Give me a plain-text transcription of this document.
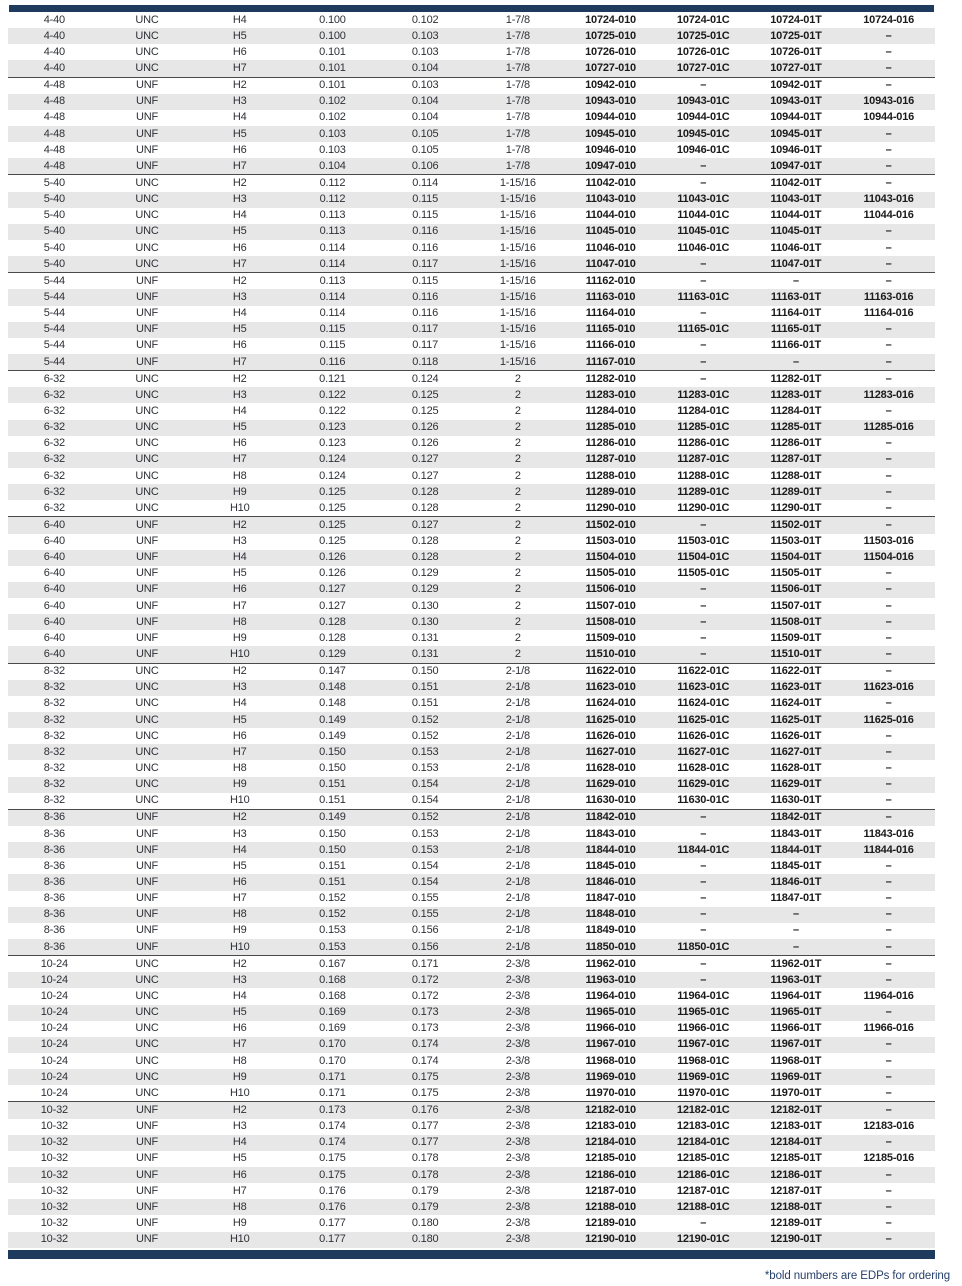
4-40	UNC	H4	0.100	0.102	1-7/8	10724-010	10724-01C	10724-01T	10724-016
4-40	UNC	H5	0.100	0.103	1-7/8	10725-010	10725-01C	10725-01T	–
4-40	UNC	H6	0.101	0.103	1-7/8	10726-010	10726-01C	10726-01T	–
4-40	UNC	H7	0.101	0.104	1-7/8	10727-010	10727-01C	10727-01T	–
4-48	UNF	H2	0.101	0.103	1-7/8	10942-010	–	10942-01T	–
4-48	UNF	H3	0.102	0.104	1-7/8	10943-010	10943-01C	10943-01T	10943-016
4-48	UNF	H4	0.102	0.104	1-7/8	10944-010	10944-01C	10944-01T	10944-016
4-48	UNF	H5	0.103	0.105	1-7/8	10945-010	10945-01C	10945-01T	–
4-48	UNF	H6	0.103	0.105	1-7/8	10946-010	10946-01C	10946-01T	–
4-48	UNF	H7	0.104	0.106	1-7/8	10947-010	–	10947-01T	–
5-40	UNC	H2	0.112	0.114	1-15/16	11042-010	–	11042-01T	–
5-40	UNC	H3	0.112	0.115	1-15/16	11043-010	11043-01C	11043-01T	11043-016
5-40	UNC	H4	0.113	0.115	1-15/16	11044-010	11044-01C	11044-01T	11044-016
5-40	UNC	H5	0.113	0.116	1-15/16	11045-010	11045-01C	11045-01T	–
5-40	UNC	H6	0.114	0.116	1-15/16	11046-010	11046-01C	11046-01T	–
5-40	UNC	H7	0.114	0.117	1-15/16	11047-010	–	11047-01T	–
5-44	UNF	H2	0.113	0.115	1-15/16	11162-010	–	–	–
5-44	UNF	H3	0.114	0.116	1-15/16	11163-010	11163-01C	11163-01T	11163-016
5-44	UNF	H4	0.114	0.116	1-15/16	11164-010	–	11164-01T	11164-016
5-44	UNF	H5	0.115	0.117	1-15/16	11165-010	11165-01C	11165-01T	–
5-44	UNF	H6	0.115	0.117	1-15/16	11166-010	–	11166-01T	–
5-44	UNF	H7	0.116	0.118	1-15/16	11167-010	–	–	–
6-32	UNC	H2	0.121	0.124	2	11282-010	–	11282-01T	–
6-32	UNC	H3	0.122	0.125	2	11283-010	11283-01C	11283-01T	11283-016
6-32	UNC	H4	0.122	0.125	2	11284-010	11284-01C	11284-01T	–
6-32	UNC	H5	0.123	0.126	2	11285-010	11285-01C	11285-01T	11285-016
6-32	UNC	H6	0.123	0.126	2	11286-010	11286-01C	11286-01T	–
6-32	UNC	H7	0.124	0.127	2	11287-010	11287-01C	11287-01T	–
6-32	UNC	H8	0.124	0.127	2	11288-010	11288-01C	11288-01T	–
6-32	UNC	H9	0.125	0.128	2	11289-010	11289-01C	11289-01T	–
6-32	UNC	H10	0.125	0.128	2	11290-010	11290-01C	11290-01T	–
6-40	UNF	H2	0.125	0.127	2	11502-010	–	11502-01T	–
6-40	UNF	H3	0.125	0.128	2	11503-010	11503-01C	11503-01T	11503-016
6-40	UNF	H4	0.126	0.128	2	11504-010	11504-01C	11504-01T	11504-016
6-40	UNF	H5	0.126	0.129	2	11505-010	11505-01C	11505-01T	–
6-40	UNF	H6	0.127	0.129	2	11506-010	–	11506-01T	–
6-40	UNF	H7	0.127	0.130	2	11507-010	–	11507-01T	–
6-40	UNF	H8	0.128	0.130	2	11508-010	–	11508-01T	–
6-40	UNF	H9	0.128	0.131	2	11509-010	–	11509-01T	–
6-40	UNF	H10	0.129	0.131	2	11510-010	–	11510-01T	–
8-32	UNC	H2	0.147	0.150	2-1/8	11622-010	11622-01C	11622-01T	–
8-32	UNC	H3	0.148	0.151	2-1/8	11623-010	11623-01C	11623-01T	11623-016
8-32	UNC	H4	0.148	0.151	2-1/8	11624-010	11624-01C	11624-01T	–
8-32	UNC	H5	0.149	0.152	2-1/8	11625-010	11625-01C	11625-01T	11625-016
8-32	UNC	H6	0.149	0.152	2-1/8	11626-010	11626-01C	11626-01T	–
8-32	UNC	H7	0.150	0.153	2-1/8	11627-010	11627-01C	11627-01T	–
8-32	UNC	H8	0.150	0.153	2-1/8	11628-010	11628-01C	11628-01T	–
8-32	UNC	H9	0.151	0.154	2-1/8	11629-010	11629-01C	11629-01T	–
8-32	UNC	H10	0.151	0.154	2-1/8	11630-010	11630-01C	11630-01T	–
8-36	UNF	H2	0.149	0.152	2-1/8	11842-010	–	11842-01T	–
8-36	UNF	H3	0.150	0.153	2-1/8	11843-010	–	11843-01T	11843-016
8-36	UNF	H4	0.150	0.153	2-1/8	11844-010	11844-01C	11844-01T	11844-016
8-36	UNF	H5	0.151	0.154	2-1/8	11845-010	–	11845-01T	–
8-36	UNF	H6	0.151	0.154	2-1/8	11846-010	–	11846-01T	–
8-36	UNF	H7	0.152	0.155	2-1/8	11847-010	–	11847-01T	–
8-36	UNF	H8	0.152	0.155	2-1/8	11848-010	–	–	–
8-36	UNF	H9	0.153	0.156	2-1/8	11849-010	–	–	–
8-36	UNF	H10	0.153	0.156	2-1/8	11850-010	11850-01C	–	–
10-24	UNC	H2	0.167	0.171	2-3/8	11962-010	–	11962-01T	–
10-24	UNC	H3	0.168	0.172	2-3/8	11963-010	–	11963-01T	–
10-24	UNC	H4	0.168	0.172	2-3/8	11964-010	11964-01C	11964-01T	11964-016
10-24	UNC	H5	0.169	0.173	2-3/8	11965-010	11965-01C	11965-01T	–
10-24	UNC	H6	0.169	0.173	2-3/8	11966-010	11966-01C	11966-01T	11966-016
10-24	UNC	H7	0.170	0.174	2-3/8	11967-010	11967-01C	11967-01T	–
10-24	UNC	H8	0.170	0.174	2-3/8	11968-010	11968-01C	11968-01T	–
10-24	UNC	H9	0.171	0.175	2-3/8	11969-010	11969-01C	11969-01T	–
10-24	UNC	H10	0.171	0.175	2-3/8	11970-010	11970-01C	11970-01T	–
10-32	UNF	H2	0.173	0.176	2-3/8	12182-010	12182-01C	12182-01T	–
10-32	UNF	H3	0.174	0.177	2-3/8	12183-010	12183-01C	12183-01T	12183-016
10-32	UNF	H4	0.174	0.177	2-3/8	12184-010	12184-01C	12184-01T	–
10-32	UNF	H5	0.175	0.178	2-3/8	12185-010	12185-01C	12185-01T	12185-016
10-32	UNF	H6	0.175	0.178	2-3/8	12186-010	12186-01C	12186-01T	–
10-32	UNF	H7	0.176	0.179	2-3/8	12187-010	12187-01C	12187-01T	–
10-32	UNF	H8	0.176	0.179	2-3/8	12188-010	12188-01C	12188-01T	–
10-32	UNF	H9	0.177	0.180	2-3/8	12189-010	–	12189-01T	–
10-32	UNF	H10	0.177	0.180	2-3/8	12190-010	12190-01C	12190-01T	–
*bold numbers are EDPs for ordering
